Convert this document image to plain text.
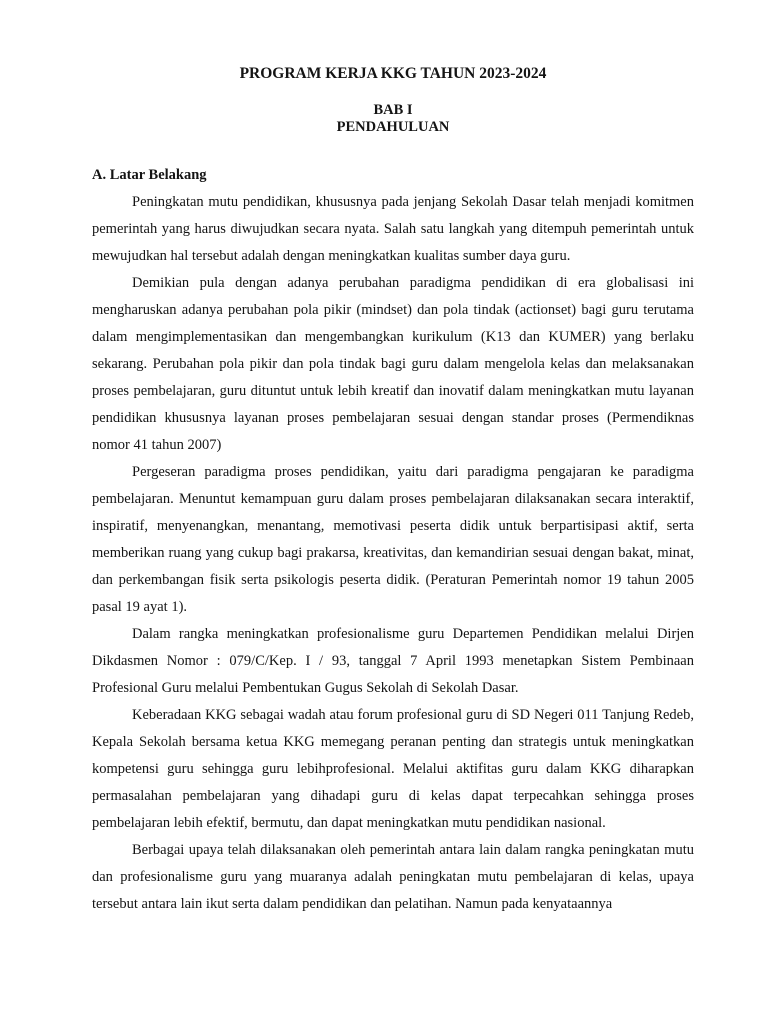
PROGRAM KERJA KKG TAHUN 2023-2024
BAB I
PENDAHULUAN
A. Latar Belakang

Peningkatan mutu pendidikan, khususnya pada jenjang Sekolah Dasar telah menjadi komitmen pemerintah yang harus diwujudkan secara nyata. Salah satu langkah yang ditempuh pemerintah untuk mewujudkan hal tersebut adalah dengan meningkatkan kualitas sumber daya guru.

Demikian pula dengan adanya perubahan paradigma pendidikan di era globalisasi ini mengharuskan adanya perubahan pola pikir (mindset) dan pola tindak (actionset) bagi guru terutama dalam mengimplementasikan dan mengembangkan kurikulum (K13 dan KUMER) yang berlaku sekarang. Perubahan pola pikir dan pola tindak bagi guru dalam mengelola kelas dan melaksanakan proses pembelajaran, guru dituntut untuk lebih kreatif dan inovatif dalam meningkatkan mutu layanan pendidikan khususnya layanan proses pembelajaran sesuai dengan standar proses (Permendiknas nomor 41 tahun 2007)

Pergeseran paradigma proses pendidikan, yaitu dari paradigma pengajaran ke paradigma pembelajaran. Menuntut kemampuan guru dalam proses pembelajaran dilaksanakan secara interaktif, inspiratif, menyenangkan, menantang, memotivasi peserta didik untuk berpartisipasi aktif, serta memberikan ruang yang cukup bagi prakarsa, kreativitas, dan kemandirian sesuai dengan bakat, minat, dan perkembangan fisik serta psikologis peserta didik. (Peraturan Pemerintah nomor 19 tahun 2005 pasal 19 ayat 1).

Dalam rangka meningkatkan profesionalisme guru Departemen Pendidikan melalui Dirjen Dikdasmen Nomor : 079/C/Kep. I / 93, tanggal 7 April 1993 menetapkan Sistem Pembinaan Profesional Guru melalui Pembentukan Gugus Sekolah di Sekolah Dasar.

Keberadaan KKG sebagai wadah atau forum profesional guru di SD Negeri 011 Tanjung Redeb, Kepala Sekolah bersama ketua KKG memegang peranan penting dan strategis untuk meningkatkan kompetensi guru sehingga guru lebihprofesional. Melalui aktifitas guru dalam KKG diharapkan permasalahan pembelajaran yang dihadapi guru di kelas dapat terpecahkan sehingga proses pembelajaran lebih efektif, bermutu, dan dapat meningkatkan mutu pendidikan nasional.

Berbagai upaya telah dilaksanakan oleh pemerintah antara lain dalam rangka peningkatan mutu dan profesionalisme guru yang muaranya adalah peningkatan mutu pembelajaran di kelas, upaya tersebut antara lain ikut serta dalam pendidikan dan pelatihan. Namun pada kenyataannya
